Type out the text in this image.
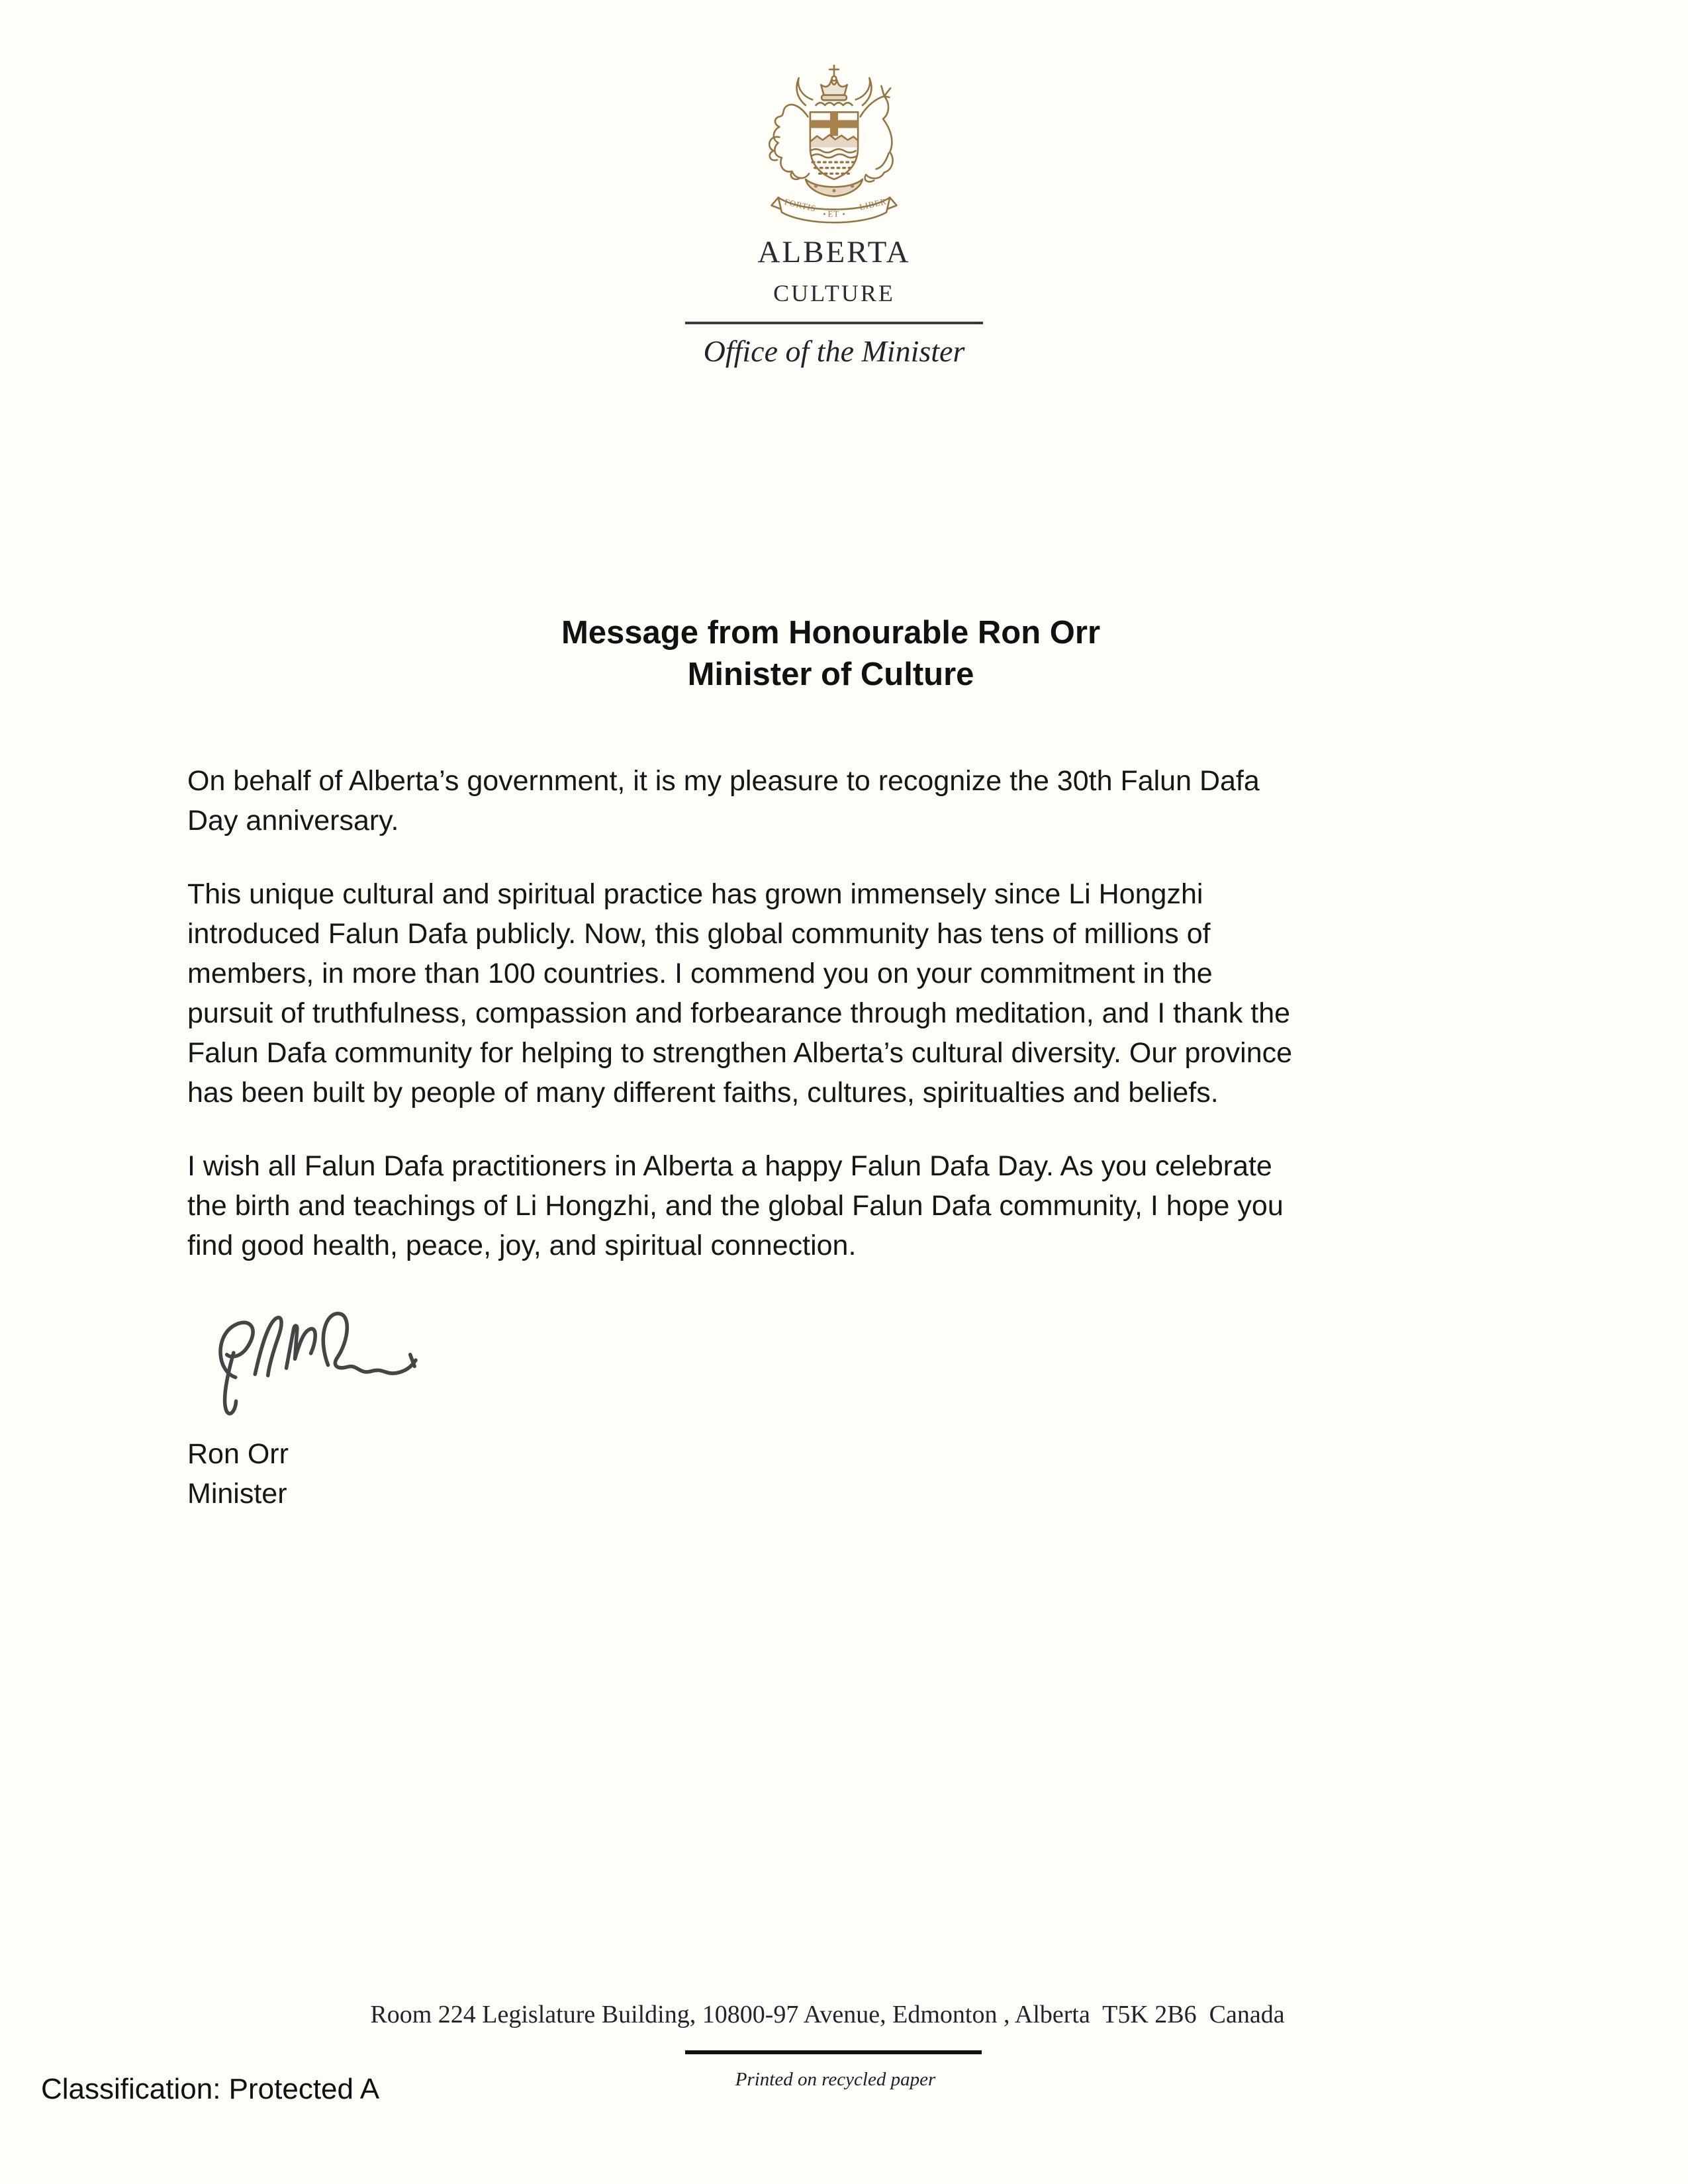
FORTIS
ET
LIBER
ALBERTA
CULTURE
Office of the Minister
Message from Honourable Ron Orr
Minister of Culture

On behalf of Alberta’s government, it is my pleasure to recognize the 30th Falun Dafa
Day anniversary.

This unique cultural and spiritual practice has grown immensely since Li Hongzhi
introduced Falun Dafa publicly. Now, this global community has tens of millions of
members, in more than 100 countries. I commend you on your commitment in the
pursuit of truthfulness, compassion and forbearance through meditation, and I thank the
Falun Dafa community for helping to strengthen Alberta’s cultural diversity. Our province
has been built by people of many different faiths, cultures, spiritualties and beliefs.

I wish all Falun Dafa practitioners in Alberta a happy Falun Dafa Day. As you celebrate
the birth and teachings of Li Hongzhi, and the global Falun Dafa community, I hope you
find good health, peace, joy, and spiritual connection.

Ron Orr
Minister
Room 224 Legislature Building, 10800-97 Avenue, Edmonton , Alberta  T5K 2B6  Canada
Printed on recycled paper
Classification: Protected A
